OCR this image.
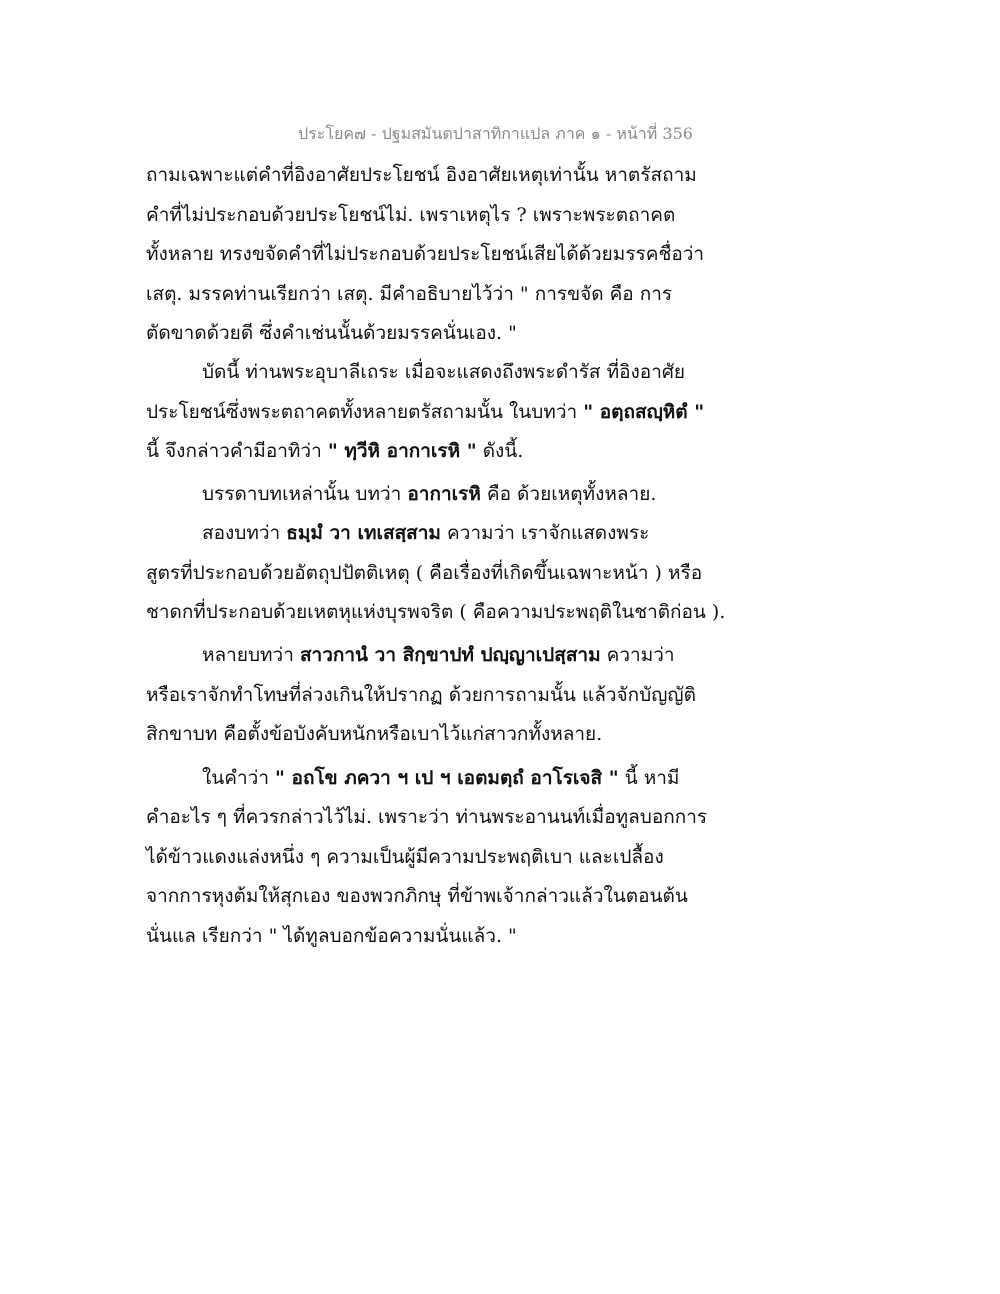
ประโยค๗ - ปฐมสมันตปาสาทิกาแปล ภาค ๑ - หน้าที่ 356
ถามเฉพาะแต่คำที่อิงอาศัยประโยชน์ อิงอาศัยเหตุเท่านั้น หาตรัสถาม
คำที่ไม่ประกอบด้วยประโยชน์ไม่. เพราเหตุไร ? เพราะพระตถาคต
ทั้งหลาย ทรงขจัดคำที่ไม่ประกอบด้วยประโยชน์เสียได้ด้วยมรรคชื่อว่า
เสตุ. มรรคท่านเรียกว่า เสตุ. มีคำอธิบายไว้ว่า " การขจัด คือ การ
ตัดขาดด้วยดี ซึ่งคำเช่นนั้นด้วยมรรคนั่นเอง. "
บัดนี้ ท่านพระอุบาลีเถระ เมื่อจะแสดงถึงพระดำรัส ที่อิงอาศัย
ประโยชน์ซึ่งพระตถาคตทั้งหลายตรัสถามนั้น ในบทว่า " อตฺถสญฺหิตํ "
นี้ จึงกล่าวคำมีอาทิว่า " ทฺวีหิ อากาเรหิ " ดังนี้.
บรรดาบทเหล่านั้น บทว่า อากาเรหิ คือ ด้วยเหตุทั้งหลาย.
สองบทว่า ธมฺมํ วา เทเสสฺสาม ความว่า เราจักแสดงพระ
สูตรที่ประกอบด้วยอัตถุปปัตติเหตุ ( คือเรื่องที่เกิดขึ้นเฉพาะหน้า ) หรือ
ชาดกที่ประกอบด้วยเหตหุแห่งบุรพจริต ( คือความประพฤติในชาติก่อน ).
หลายบทว่า สาวกานํ วา สิกฺขาปทํ ปญฺญาเปสฺสาม ความว่า
หรือเราจักทำโทษที่ล่วงเกินให้ปรากฏ ด้วยการถามนั้น แล้วจักบัญญัติ
สิกขาบท คือตั้งข้อบังคับหนักหรือเบาไว้แก่สาวกทั้งหลาย.
ในคำว่า " อถโข ภควา ฯ เป ฯ เอตมตฺถํ อาโรเจสิ " นี้ หามี
คำอะไร ๆ ที่ควรกล่าวไว้ไม่. เพราะว่า ท่านพระอานนท์เมื่อทูลบอกการ
ได้ข้าวแดงแล่งหนึ่ง ๆ ความเป็นผู้มีความประพฤติเบา และเปลื้อง
จากการหุงต้มให้สุกเอง ของพวกภิกษุ ที่ข้าพเจ้ากล่าวแล้วในตอนต้น
นั่นแล เรียกว่า " ได้ทูลบอกข้อความนั่นแล้ว. "
